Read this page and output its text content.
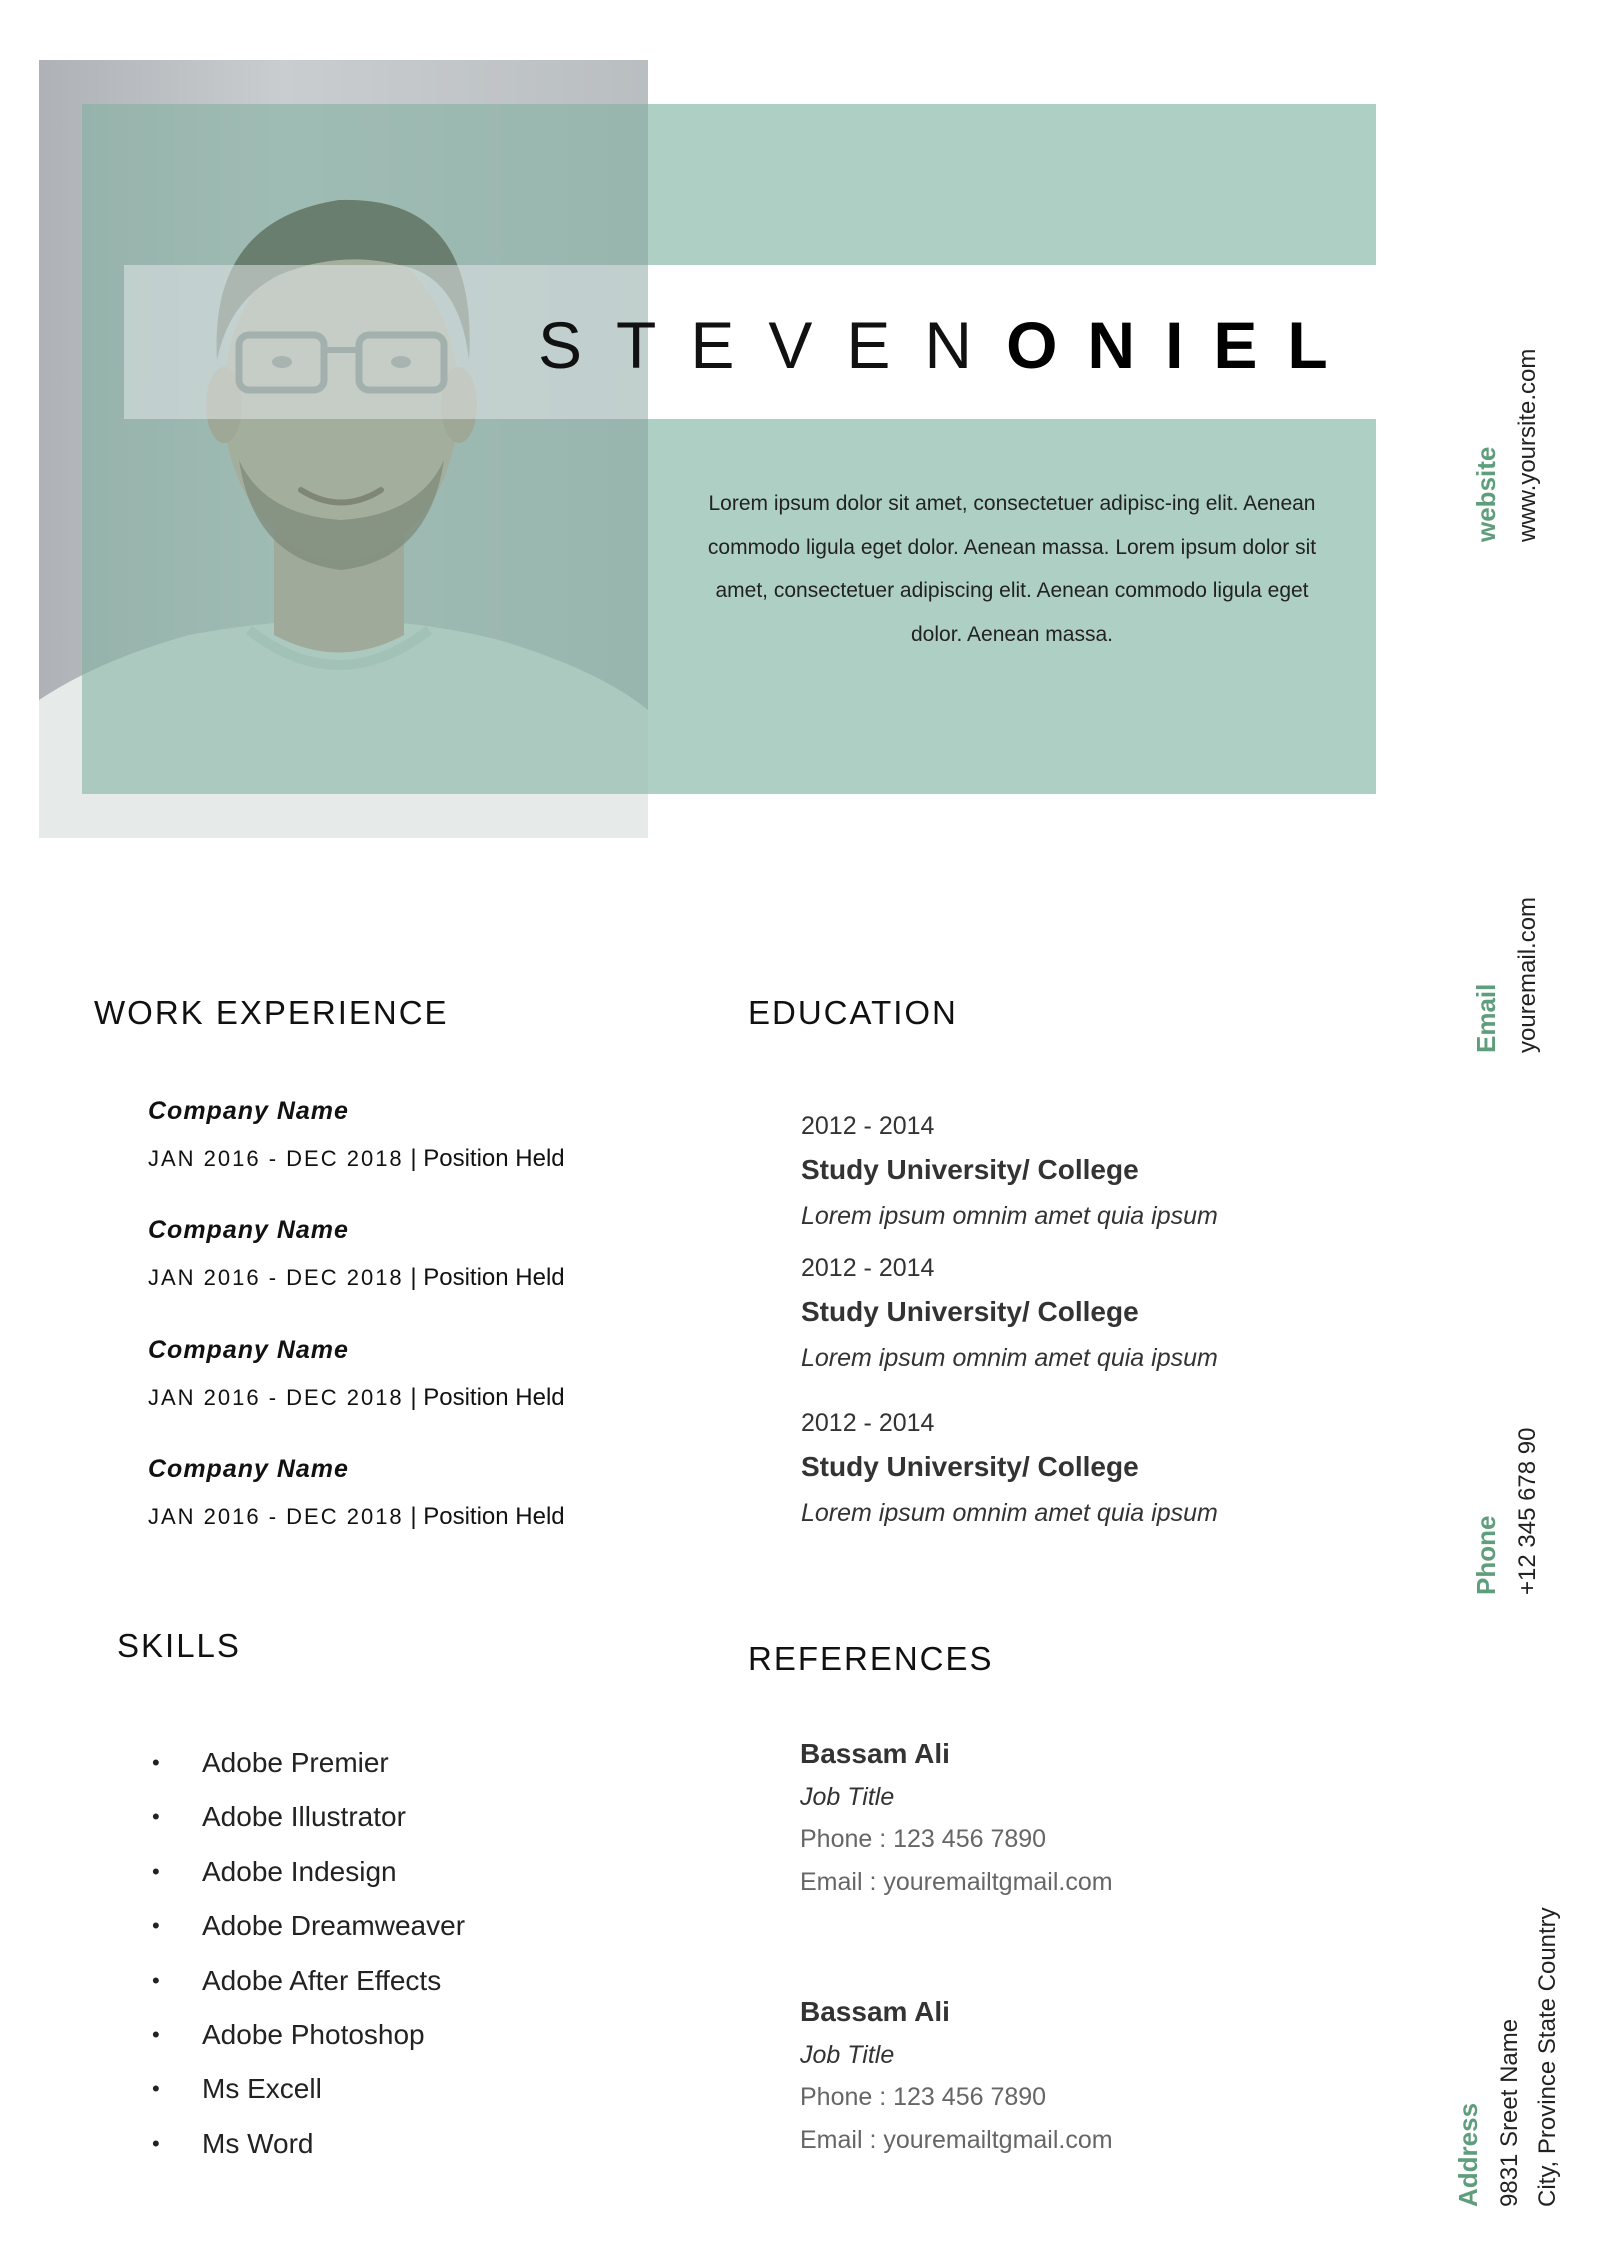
STEVENONIEL
Lorem ipsum dolor sit amet, consectetuer adipisc-ing elit. Aenean commodo ligula eget dolor. Aenean massa. Lorem ipsum dolor sit amet, consectetuer adipiscing elit. Aenean commodo ligula eget dolor. Aenean massa.
website www.yoursite.com
Email youremail.com
Phone +12 345 678 90
Address 9831 Sreet Name City, Province State Country
WORK EXPERIENCE
Company Name
JAN 2016 - DEC 2018 | Position Held
Company Name
JAN 2016 - DEC 2018 | Position Held
Company Name
JAN 2016 - DEC 2018 | Position Held
Company Name
JAN 2016 - DEC 2018 | Position Held
EDUCATION
2012 - 2014
Study University/ College
Lorem ipsum omnim amet quia ipsum
2012 - 2014
Study University/ College
Lorem ipsum omnim amet quia ipsum
2012 - 2014
Study University/ College
Lorem ipsum omnim amet quia ipsum
SKILLS
• Adobe Premier
• Adobe Illustrator
• Adobe Indesign
• Adobe Dreamweaver
• Adobe After Effects
• Adobe Photoshop
• Ms Excell
• Ms Word
REFERENCES
Bassam Ali
Job Title
Phone : 123 456 7890
Email : youremailtgmail.com
Bassam Ali
Job Title
Phone : 123 456 7890
Email : youremailtgmail.com
